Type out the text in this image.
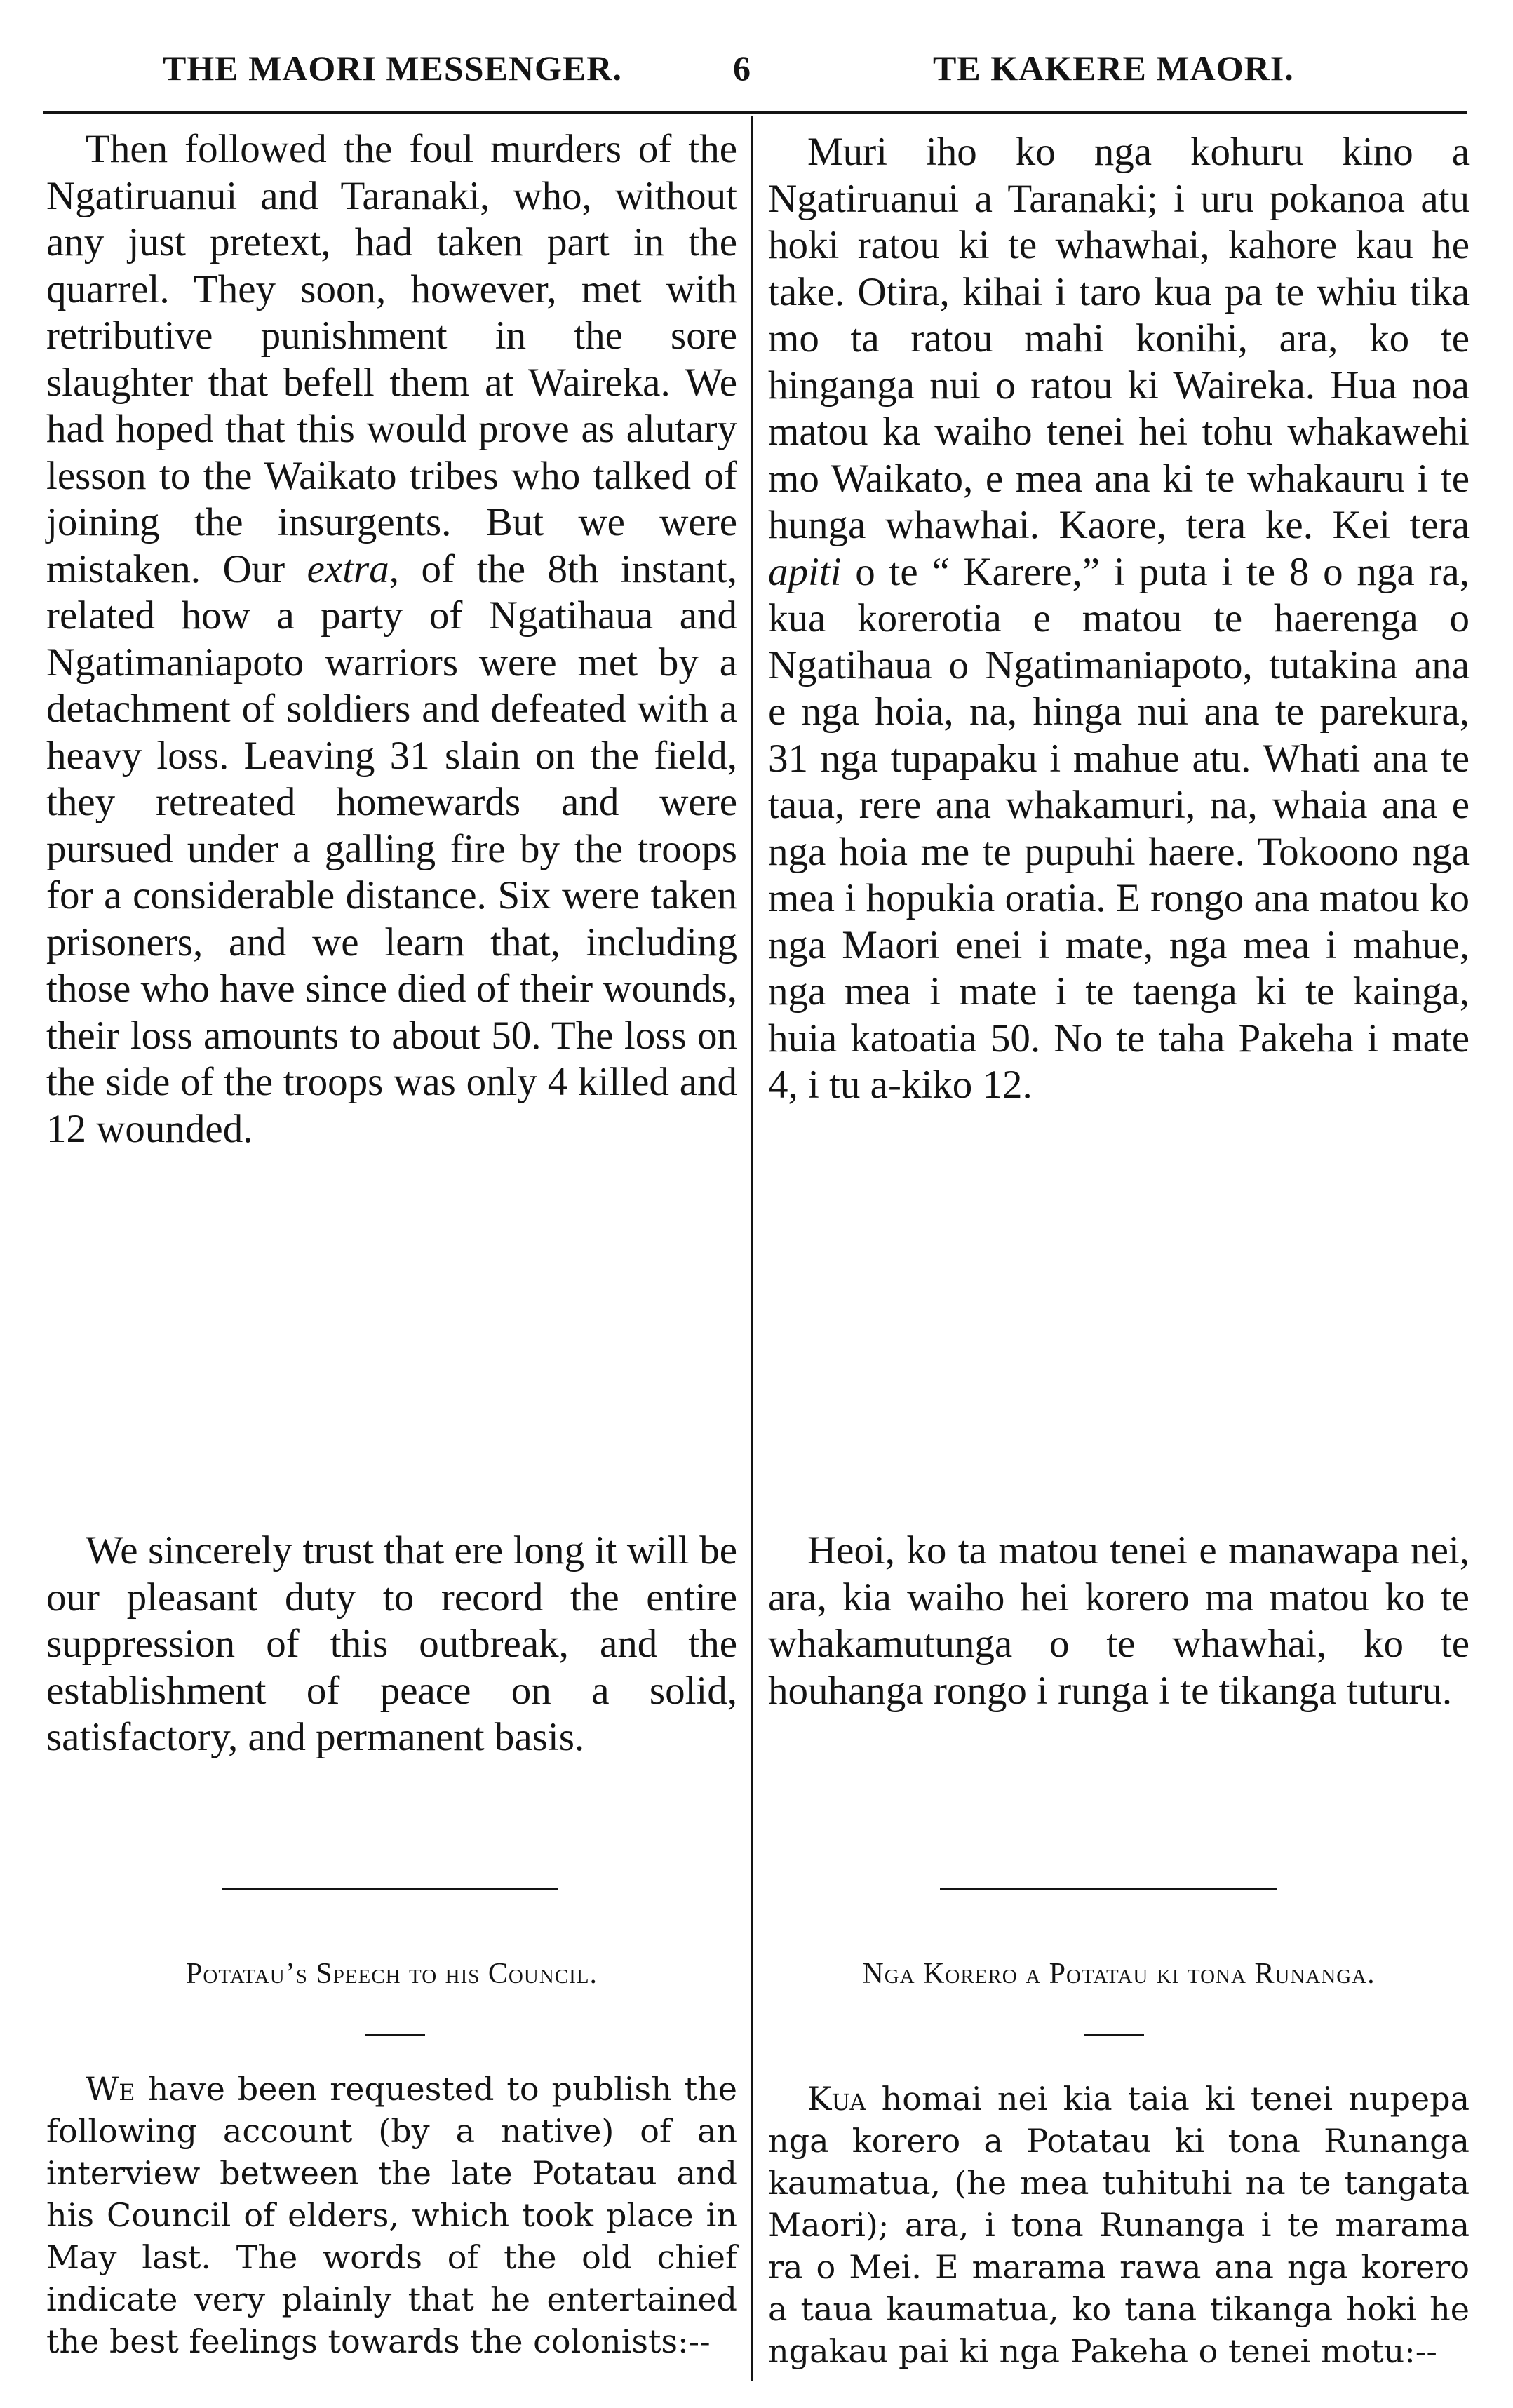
THE MAORI MESSENGER.	6	TE KAKERE MAORI.

Then followed the foul murders of the Ngatiruanui and Taranaki, who, without any just pretext, had taken part in the quarrel. They soon, however, met with retributive punishment in the sore slaughter that befell them at Waireka. We had hoped that this would prove as alutary lesson to the Waikato tribes who talked of joining the insurgents. But we were mistaken. Our extra, of the 8th instant, related how a party of Ngatihaua and Ngatimaniapoto warriors were met by a detachment of soldiers and defeated with a heavy loss. Leaving 31 slain on the field, they retreated homewards and were pursued under a galling fire by the troops for a considerable distance. Six were taken prisoners, and we learn that, including those who have since died of their wounds, their loss amounts to about 50. The loss on the side of the troops was only 4 killed and 12 wounded.

We sincerely trust that ere long it will be our pleasant duty to record the entire suppression of this outbreak, and the establishment of peace on a solid, satisfactory, and permanent basis.

Potatau’s Speech to his Council.

We have been requested to publish the following account (by a native) of an interview between the late Potatau and his Council of elders, which took place in May last. The words of the old chief indicate very plainly that he entertained the best feelings towards the colonists:--

Muri iho ko nga kohuru kino a Ngatiruanui a Taranaki; i uru pokanoa atu hoki ratou ki te whawhai, kahore kau he take. Otira, kihai i taro kua pa te whiu tika mo ta ratou mahi konihi, ara, ko te hinganga nui o ratou ki Waireka. Hua noa matou ka waiho tenei hei tohu whakawehi mo Waikato, e mea ana ki te whakauru i te hunga whawhai. Kaore, tera ke. Kei tera apiti o te “ Karere,” i puta i te 8 o nga ra, kua korerotia e matou te haerenga o Ngatihaua o Ngatimaniapoto, tutakina ana e nga hoia, na, hinga nui ana te parekura, 31 nga tupapaku i mahue atu. Whati ana te taua, rere ana whakamuri, na, whaia ana e nga hoia me te pupuhi haere. Tokoono nga mea i hopukia oratia. E rongo ana matou ko nga Maori enei i mate, nga mea i mahue, nga mea i mate i te taenga ki te kainga, huia katoatia 50. No te taha Pakeha i mate 4, i tu a-kiko 12.

Heoi, ko ta matou tenei e manawapa nei, ara, kia waiho hei korero ma matou ko te whakamutunga o te whawhai, ko te houhanga rongo i runga i te tikanga tuturu.

Nga Korero a Potatau ki tona Runanga.

Kua homai nei kia taia ki tenei nupepa nga korero a Potatau ki tona Runanga kaumatua, (he mea tuhituhi na te tangata Maori); ara, i tona Runanga i te marama ra o Mei. E marama rawa ana nga korero a taua kaumatua, ko tana tikanga hoki he ngakau pai ki nga Pakeha o tenei motu:--
